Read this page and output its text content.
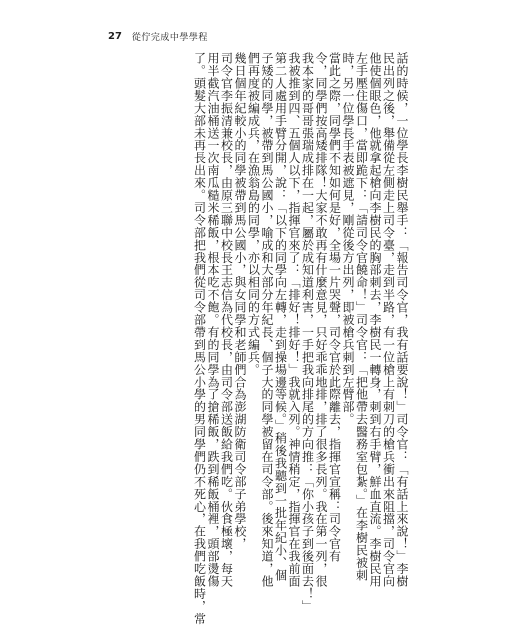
27 從佇完成中學學程
話的時候，一位學長李樹民舉手：「報告司令官，我有話要說！」司令官：「有話上來說！」李樹
民出列之後，舉備從左側走上司令臺，走到半路，有一位槍上有刺刀的槍兵衝出來阻擋，司令官向
他使個眼色，他就拿起槍向李樹民的胸部刺去，李樹民一轉身，刺到右手臂，鮮血直流。李樹民用
左手壓住傷口，當即跪下：「請司令官饒命！」司令官：「把他帶去醫務室包紮。」在李樹民被刺
時，另一位學長手表被遮見，剛從後方出列，即被槍兵刺到左臂部。
當此之際，同學們不知如何是好，全場一片哭聲，司令官於此際離去，指揮官宣稱：司令官有
令，同學們按高矮排隊！大家不敢再有什麼意見，只好乖乖地排，排了很多長列。我在第一列，很
我本家的哥哥張瑞成排在一起，屬於成知道利害，一手把我向排尾的方向推：「你小孩子到後面去！」
我被推到四、五個人以下，指揮官來了：「排好！排好！」我就入列。神情稍定，指揮官在我前面
第二人處用手臂分開，說：「以下的同學向左轉，走到操場邊等候。」稍後我聽到一批年紀小、個
子矮的同學，被帶到馬公國小，喻成和大部分年紀長、個子大的同學被留在司令部。後來知道，他
們再度被編成兵，在漁翁島的同學，亦以相同的方式編兵。
幾日個年紀較小的同學被帶到馬公國小，與女同學和老師們合為澎湖防衛司令部子弟學校，
司令官李振清兼校長，由原三聯中校長王志信為代校長，由司令部送飯給我們吃。伙食極壞，每天
用半截汽油桶送一次南瓜糙米稀飯，根本吃不飽。有的同學為了搶稀飯，跌到稀飯桶裡，頭部燙傷
了。頭髮大部未再長出來。司令部把我們從司令部帶到馬公小學的男同學們仍不死心，在我們吃飯時，常
